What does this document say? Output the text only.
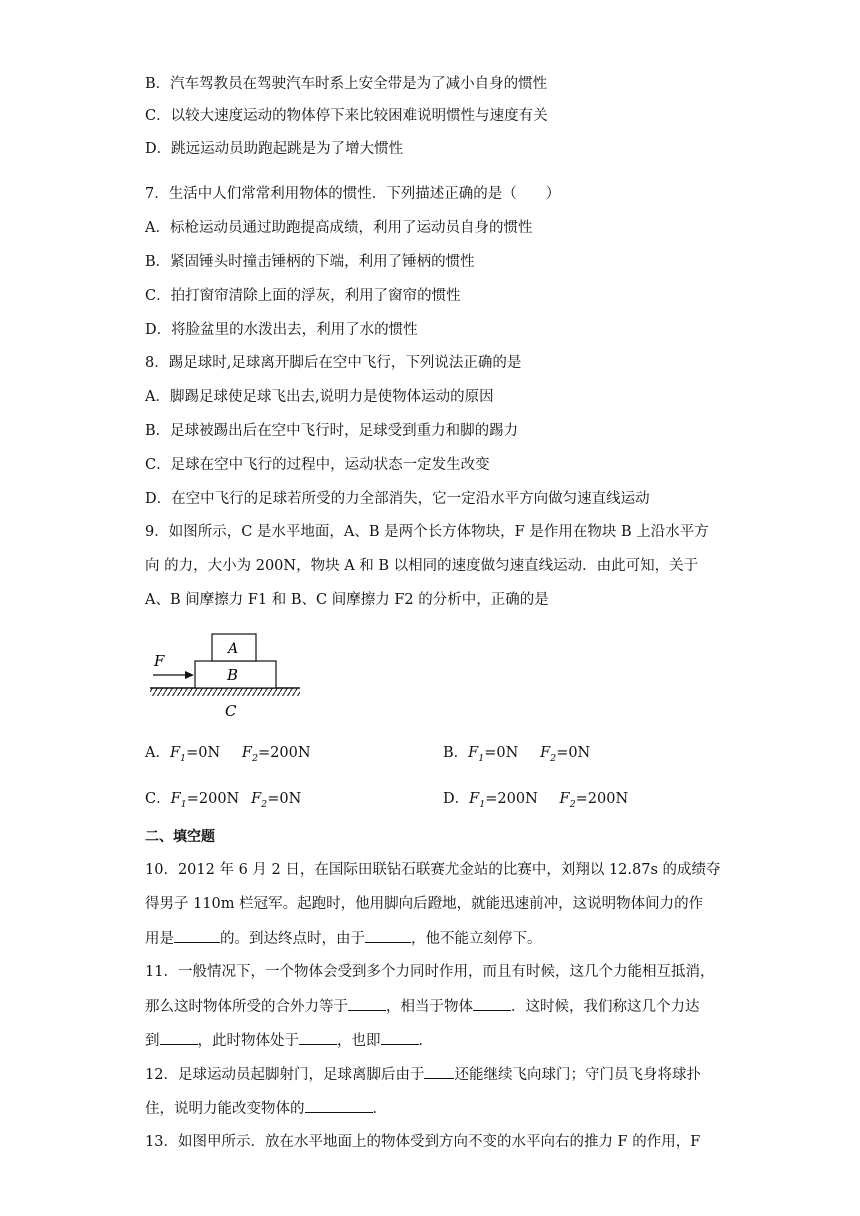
B．汽车驾教员在驾驶汽车时系上安全带是为了减小自身的惯性
C．以较大速度运动的物体停下来比较困难说明惯性与速度有关
D．跳远运动员助跑起跳是为了增大惯性
7．生活中人们常常利用物体的惯性．下列描述正确的是（　　）
A．标枪运动员通过助跑提高成绩，利用了运动员自身的惯性
B．紧固锤头时撞击锤柄的下端，利用了锤柄的惯性
C．拍打窗帘清除上面的浮灰，利用了窗帘的惯性
D．将脸盆里的水泼出去，利用了水的惯性
8．踢足球时,足球离开脚后在空中飞行，下列说法正确的是
A．脚踢足球使足球飞出去,说明力是使物体运动的原因
B．足球被踢出后在空中飞行时，足球受到重力和脚的踢力
C．足球在空中飞行的过程中，运动状态一定发生改变
D．在空中飞行的足球若所受的力全部消失，它一定沿水平方向做匀速直线运动
9．如图所示，C 是水平地面，A、B 是两个长方体物块，F 是作用在物块 B 上沿水平方
向 的力，大小为 200N，物块 A 和 B 以相同的速度做匀速直线运动．由此可知，关于
A、B 间摩擦力 F1 和 B、C 间摩擦力 F2 的分析中，正确的是
F
A
B
C
A．$F_1=0N$   $F_2=200N$	B．$F_1=0N$   $F_2=0N$
C．$F_1=200N$  $F_2=0N$	D．$F_1=200N$   $F_2=200N$
二、填空题
10．2012 年 6 月 2 日，在国际田联钻石联赛尤金站的比赛中，刘翔以 12.87s 的成绩夺
得男子 110m 栏冠军。起跑时，他用脚向后蹬地，就能迅速前冲，这说明物体间力的作
用是	的。到达终点时，由于	，他不能立刻停下。
11．一般情况下，一个物体会受到多个力同时作用，而且有时候，这几个力能相互抵消，
那么这时物体所受的合外力等于	，相当于物体	．这时候，我们称这几个力达
到	，此时物体处于	，也即	．
12．足球运动员起脚射门，足球离脚后由于 还能继续飞向球门；守门员飞身将球扑
住，说明力能改变物体的	．
13．如图甲所示．放在水平地面上的物体受到方向不变的水平向右的推力 F 的作用，F
